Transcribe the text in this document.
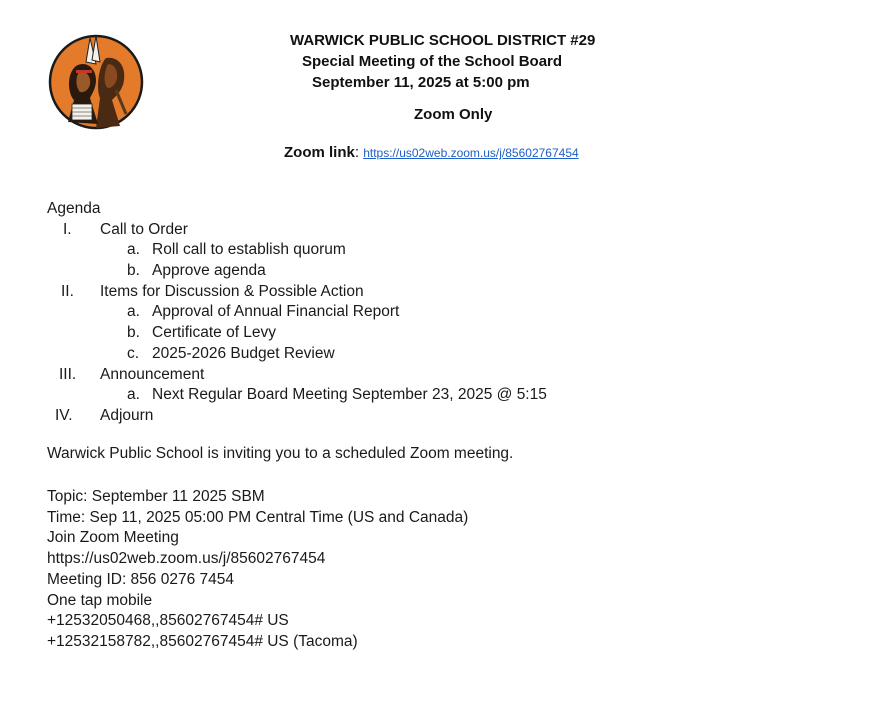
WARWICK PUBLIC SCHOOL DISTRICT #29
Special Meeting of the School Board
September 11, 2025 at 5:00 pm
Zoom Only
Zoom link: https://us02web.zoom.us/j/85602767454
Agenda
I.	Call to Order
a. Roll call to establish quorum
b. Approve agenda
II.	Items for Discussion & Possible Action
a. Approval of Annual Financial Report
b. Certificate of Levy
c. 2025-2026 Budget Review
III.	Announcement
a. Next Regular Board Meeting September 23, 2025 @ 5:15
IV.	Adjourn
Warwick Public School is inviting you to a scheduled Zoom meeting.
Topic: September 11 2025 SBM
Time: Sep 11, 2025 05:00 PM Central Time (US and Canada)
Join Zoom Meeting
https://us02web.zoom.us/j/85602767454
Meeting ID: 856 0276 7454
One tap mobile
+12532050468,,85602767454# US
+12532158782,,85602767454# US (Tacoma)
